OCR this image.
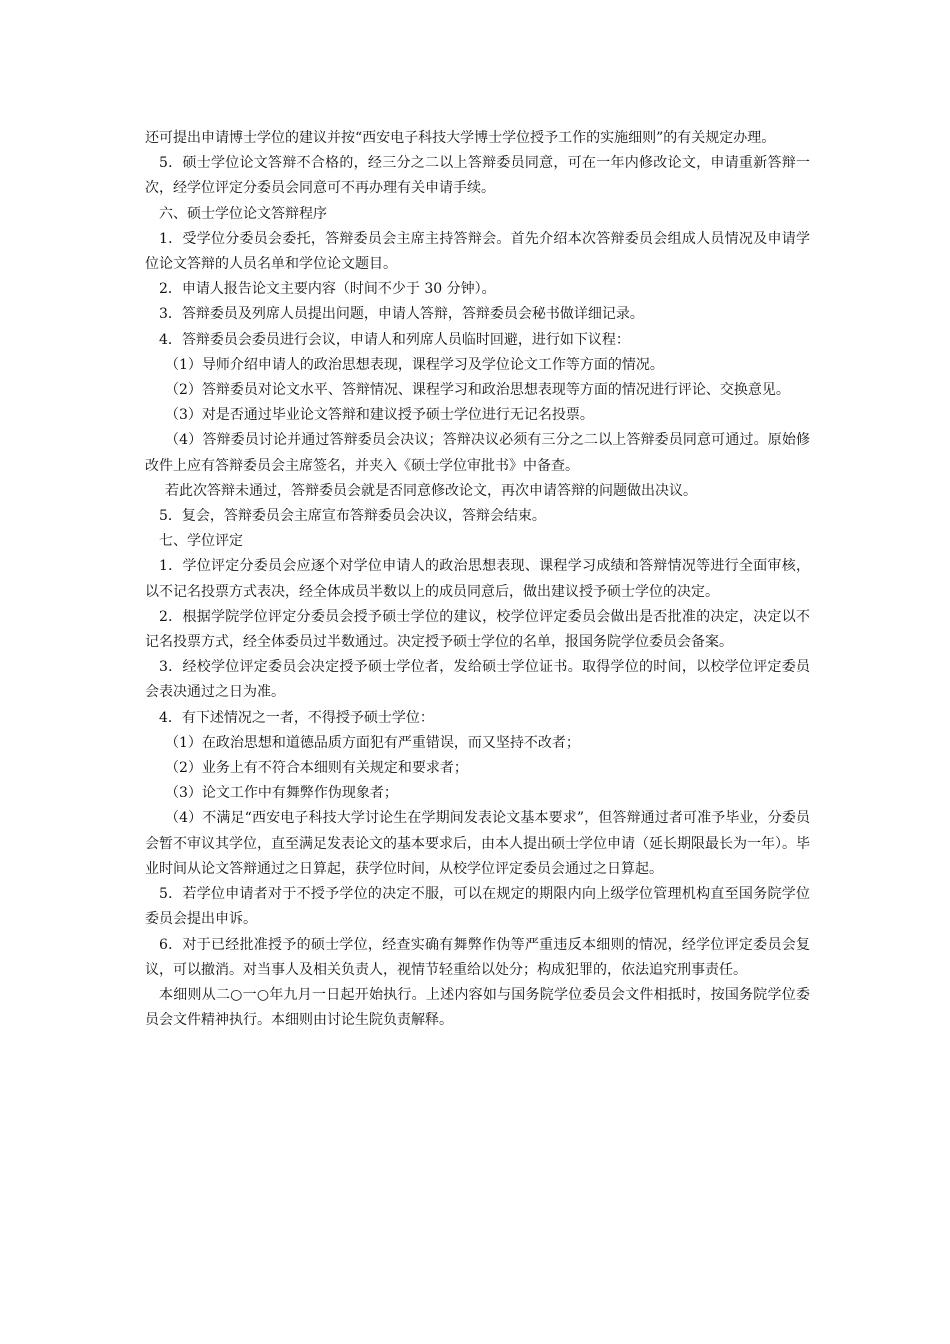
还可提出申请博士学位的建议并按“西安电子科技大学博士学位授予工作的实施细则”的有关规定办理。

5．硕士学位论文答辩不合格的，经三分之二以上答辩委员同意，可在一年内修改论文，申请重新答辩一次，经学位评定分委员会同意可不再办理有关申请手续。

六、硕士学位论文答辩程序

1．受学位分委员会委托，答辩委员会主席主持答辩会。首先介绍本次答辩委员会组成人员情况及申请学位论文答辩的人员名单和学位论文题目。

2．申请人报告论文主要内容（时间不少于 30 分钟）。

3．答辩委员及列席人员提出问题，申请人答辩，答辩委员会秘书做详细记录。

4．答辩委员会委员进行会议，申请人和列席人员临时回避，进行如下议程：

（1）导师介绍申请人的政治思想表现，课程学习及学位论文工作等方面的情况。

（2）答辩委员对论文水平、答辩情况、课程学习和政治思想表现等方面的情况进行评论、交换意见。

（3）对是否通过毕业论文答辩和建议授予硕士学位进行无记名投票。

（4）答辩委员讨论并通过答辩委员会决议；答辩决议必须有三分之二以上答辩委员同意可通过。原始修改件上应有答辩委员会主席签名，并夹入《硕士学位审批书》中备查。

若此次答辩未通过，答辩委员会就是否同意修改论文，再次申请答辩的问题做出决议。

5．复会，答辩委员会主席宣布答辩委员会决议，答辩会结束。

七、学位评定

1．学位评定分委员会应逐个对学位申请人的政治思想表现、课程学习成绩和答辩情况等进行全面审核，以不记名投票方式表决，经全体成员半数以上的成员同意后，做出建议授予硕士学位的决定。

2．根据学院学位评定分委员会授予硕士学位的建议，校学位评定委员会做出是否批准的决定，决定以不记名投票方式，经全体委员过半数通过。决定授予硕士学位的名单，报国务院学位委员会备案。

3．经校学位评定委员会决定授予硕士学位者，发给硕士学位证书。取得学位的时间，以校学位评定委员会表决通过之日为准。

4．有下述情况之一者，不得授予硕士学位：

（1）在政治思想和道德品质方面犯有严重错误，而又坚持不改者；

（2）业务上有不符合本细则有关规定和要求者；

（3）论文工作中有舞弊作伪现象者；

（4）不满足“西安电子科技大学讨论生在学期间发表论文基本要求”，但答辩通过者可准予毕业，分委员会暂不审议其学位，直至满足发表论文的基本要求后，由本人提出硕士学位申请（延长期限最长为一年）。毕业时间从论文答辩通过之日算起，获学位时间，从校学位评定委员会通过之日算起。

5．若学位申请者对于不授予学位的决定不服，可以在规定的期限内向上级学位管理机构直至国务院学位委员会提出申诉。

6．对于已经批准授予的硕士学位，经查实确有舞弊作伪等严重违反本细则的情况，经学位评定委员会复议，可以撤消。对当事人及相关负责人，视情节轻重给以处分；构成犯罪的，依法追究刑事责任。

本细则从二○一○年九月一日起开始执行。上述内容如与国务院学位委员会文件相抵时，按国务院学位委员会文件精神执行。本细则由讨论生院负责解释。
